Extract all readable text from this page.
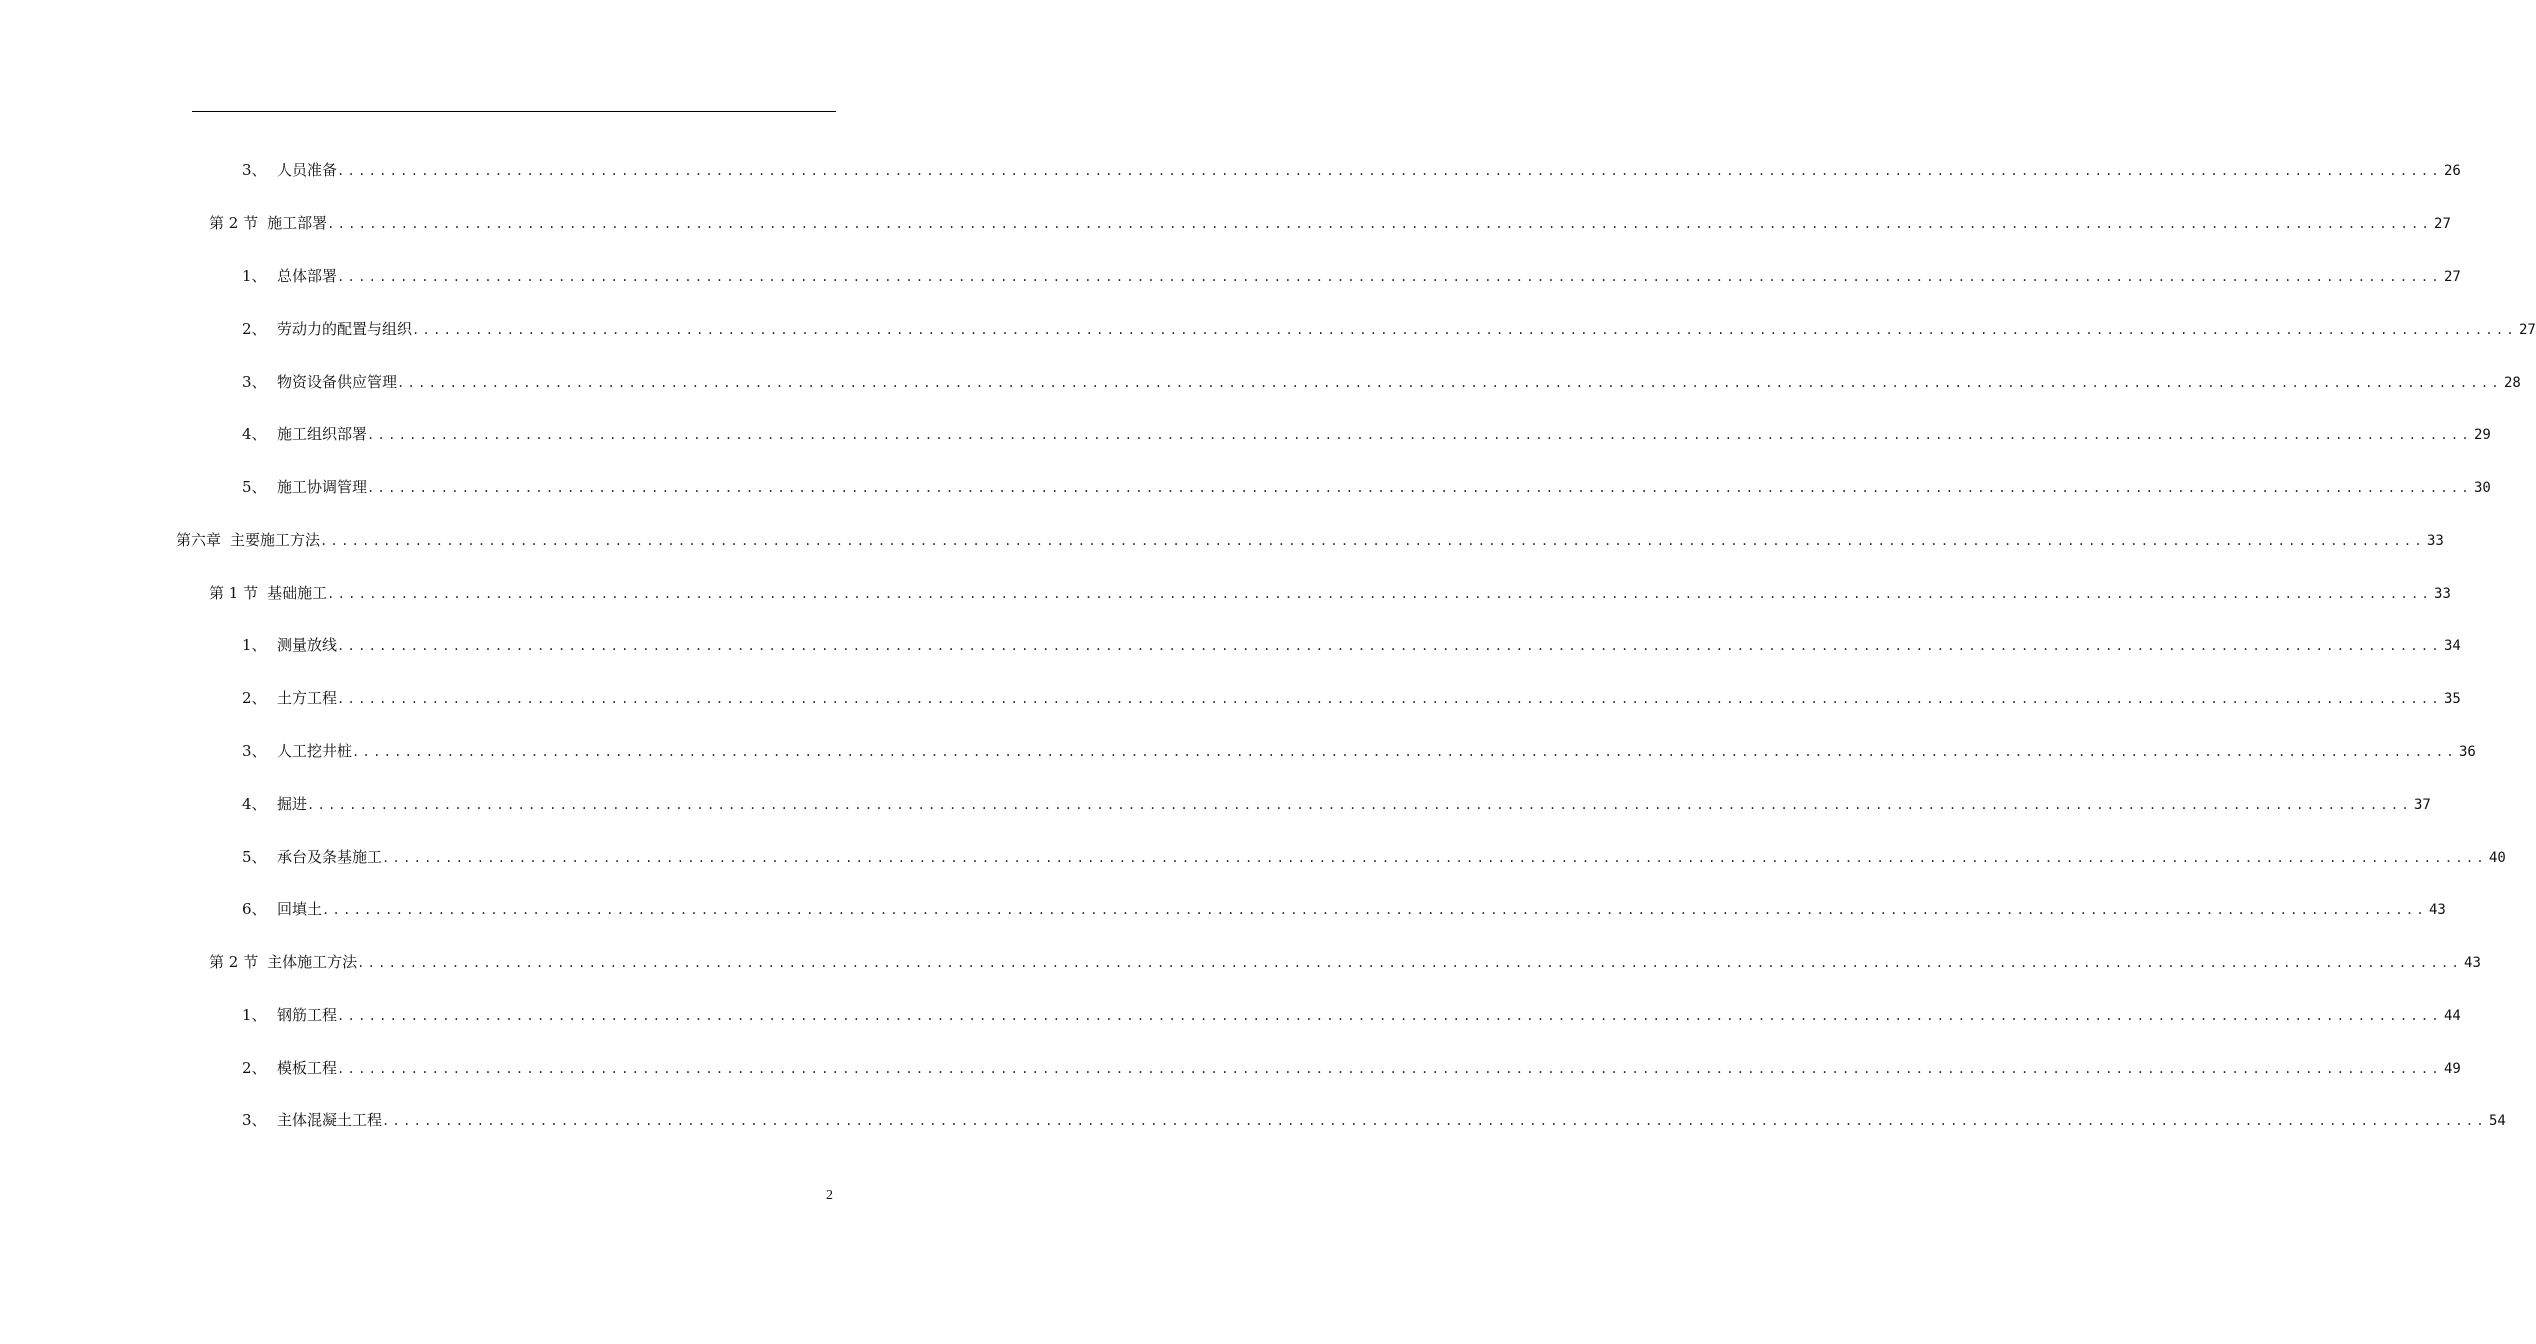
3、 人员准备 ........................................................................................................................................................................................................ 26
第 2 节 施工部署 ........................................................................................................................................................................................................ 27
1、 总体部署 ........................................................................................................................................................................................................ 27
2、 劳动力的配置与组织 ........................................................................................................................................................................................................ 27
3、 物资设备供应管理 ........................................................................................................................................................................................................ 28
4、 施工组织部署 ........................................................................................................................................................................................................ 29
5、 施工协调管理 ........................................................................................................................................................................................................ 30
第六章 主要施工方法 ........................................................................................................................................................................................................ 33
第 1 节 基础施工 ........................................................................................................................................................................................................ 33
1、 测量放线 ........................................................................................................................................................................................................ 34
2、 土方工程 ........................................................................................................................................................................................................ 35
3、 人工挖井桩 ........................................................................................................................................................................................................ 36
4、 掘进 ........................................................................................................................................................................................................ 37
5、 承台及条基施工 ........................................................................................................................................................................................................ 40
6、 回填土 ........................................................................................................................................................................................................ 43
第 2 节 主体施工方法 ........................................................................................................................................................................................................ 43
1、 钢筋工程 ........................................................................................................................................................................................................ 44
2、 模板工程 ........................................................................................................................................................................................................ 49
3、 主体混凝土工程 ........................................................................................................................................................................................................ 54
2
